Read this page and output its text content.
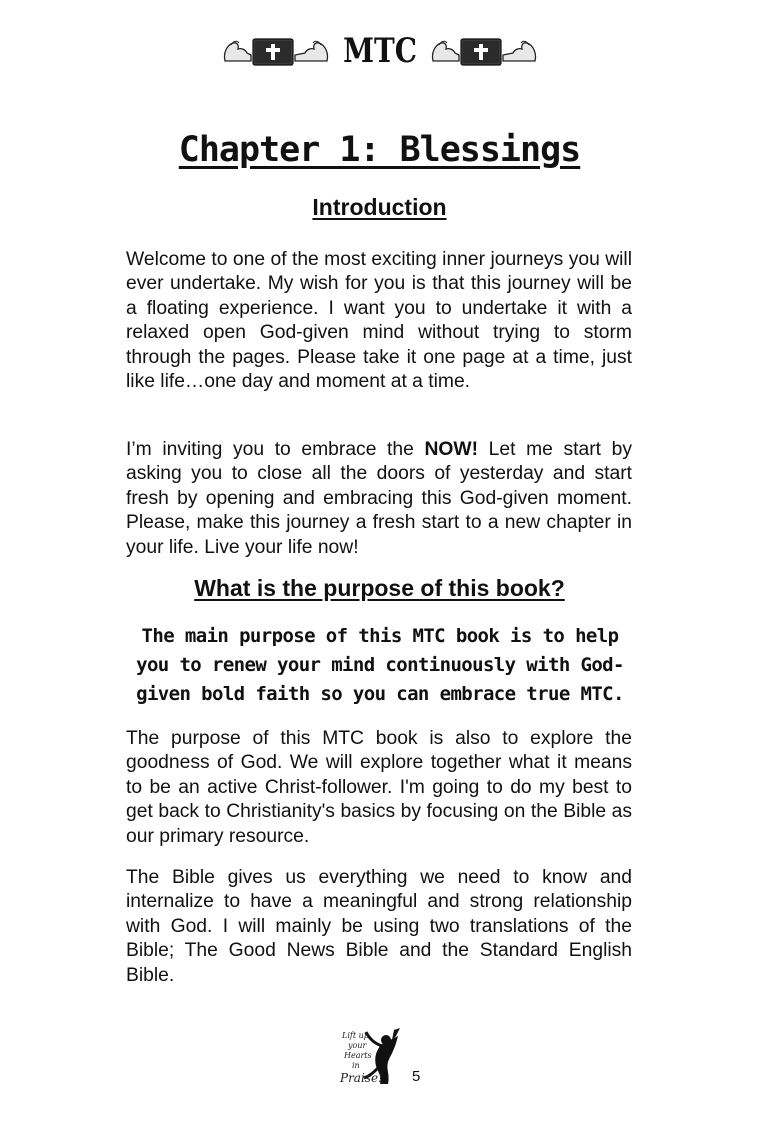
MTC
Chapter 1: Blessings
Introduction

Welcome to one of the most exciting inner journeys you will ever undertake. My wish for you is that this journey will be a floating experience. I want you to undertake it with a relaxed open God-given mind without trying to storm through the pages. Please take it one page at a time, just like life…one day and moment at a time.

I’m inviting you to embrace the NOW! Let me start by asking you to close all the doors of yesterday and start fresh by opening and embracing this God-given moment. Please, make this journey a fresh start to a new chapter in your life. Live your life now!

What is the purpose of this book?

The main purpose of this MTC book is to help you to renew your mind continuously with God-given bold faith so you can embrace true MTC.

The purpose of this MTC book is also to explore the goodness of God. We will explore together what it means to be an active Christ-follower. I'm going to do my best to get back to Christianity's basics by focusing on the Bible as our primary resource.

The Bible gives us everything we need to know and internalize to have a meaningful and strong relationship with God. I will mainly be using two translations of the Bible; The Good News Bible and the Standard English Bible.

Lift up
your
Hearts
in
Praise! 5
